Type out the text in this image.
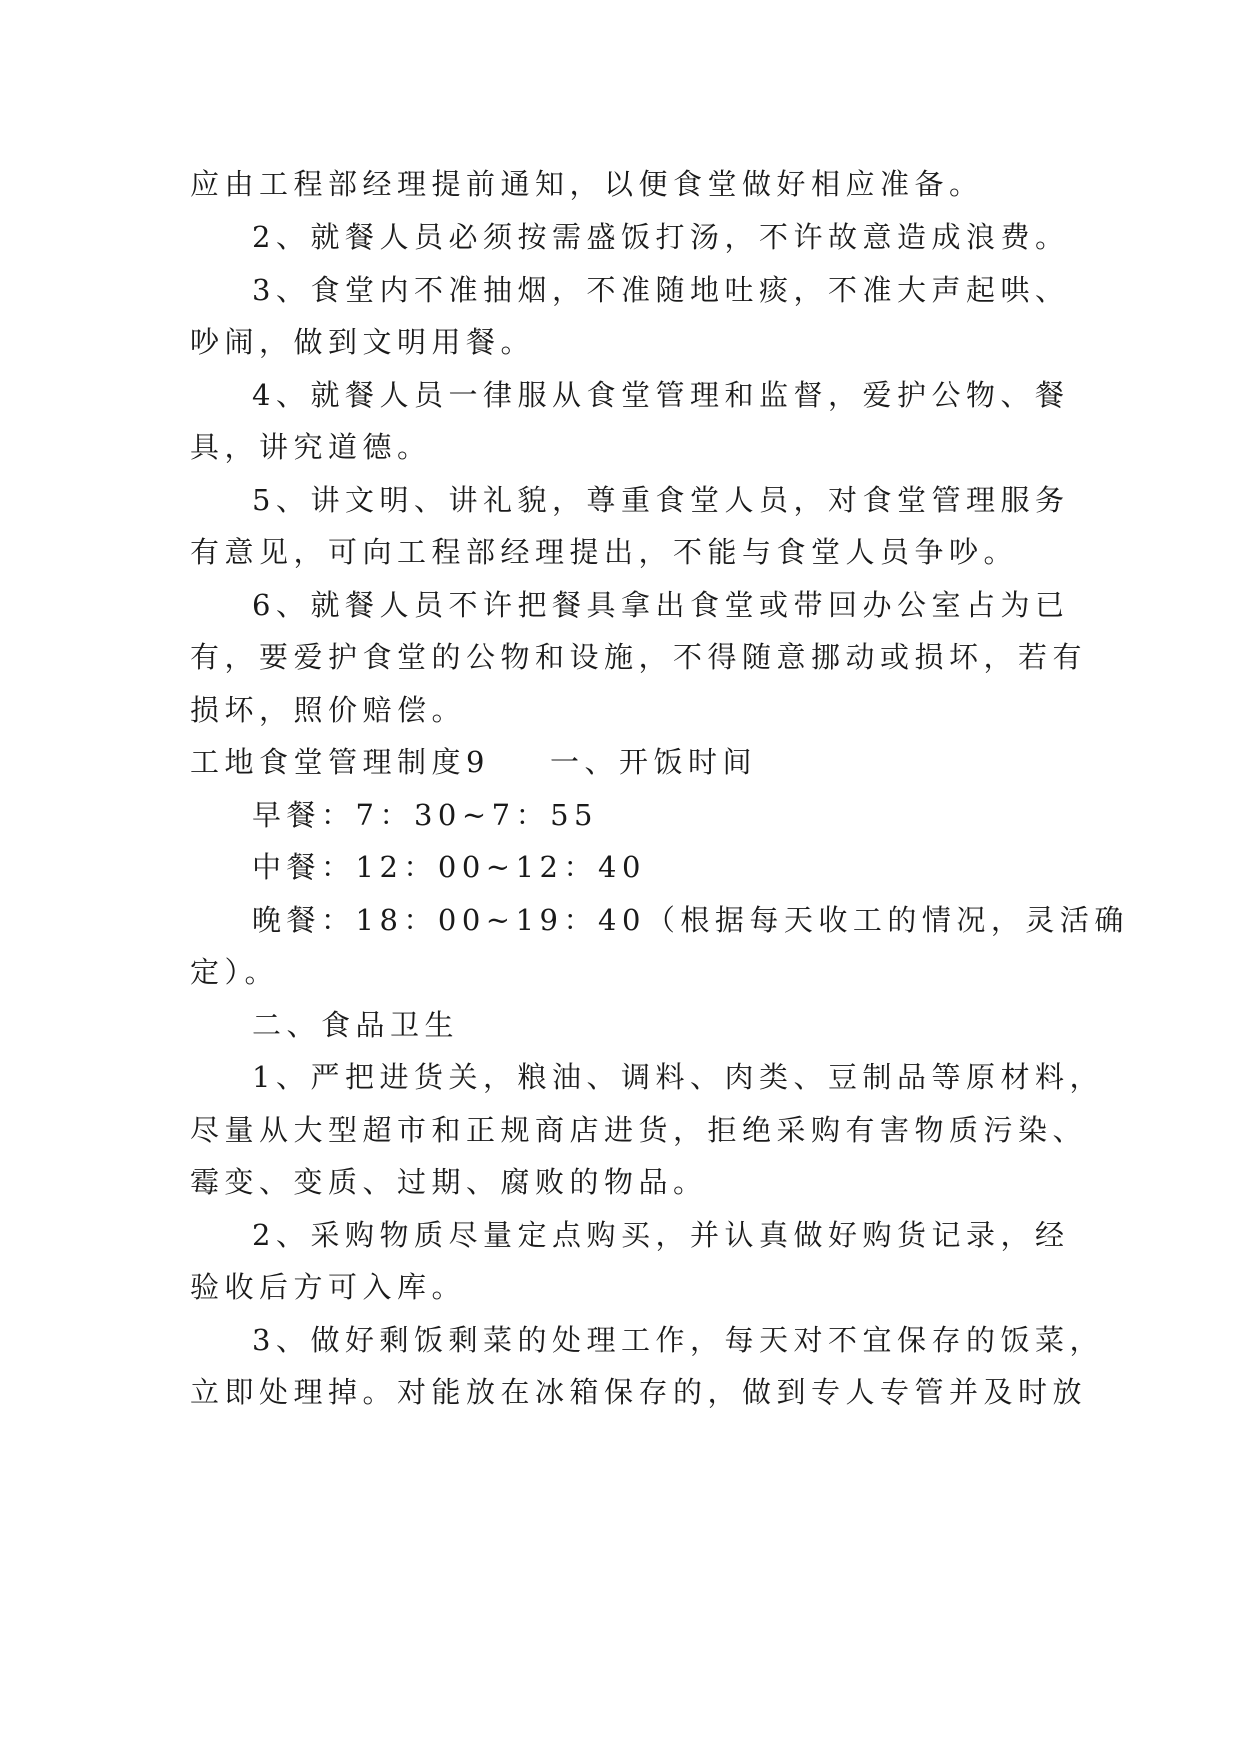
应由工程部经理提前通知，以便食堂做好相应准备。
2、就餐人员必须按需盛饭打汤，不许故意造成浪费。
3、食堂内不准抽烟，不准随地吐痰，不准大声起哄、
吵闹，做到文明用餐。
4、就餐人员一律服从食堂管理和监督，爱护公物、餐
具，讲究道德。
5、讲文明、讲礼貌，尊重食堂人员，对食堂管理服务
有意见，可向工程部经理提出，不能与食堂人员争吵。
6、就餐人员不许把餐具拿出食堂或带回办公室占为已
有，要爱护食堂的公物和设施，不得随意挪动或损坏，若有
损坏，照价赔偿。
工地食堂管理制度9 一、开饭时间
早餐：7：30~7：55
中餐：12：00~12：40
晚餐：18：00~19：40（根据每天收工的情况，灵活确
定）。
二、食品卫生
1、严把进货关，粮油、调料、肉类、豆制品等原材料，
尽量从大型超市和正规商店进货，拒绝采购有害物质污染、
霉变、变质、过期、腐败的物品。
2、采购物质尽量定点购买，并认真做好购货记录，经
验收后方可入库。
3、做好剩饭剩菜的处理工作，每天对不宜保存的饭菜，
立即处理掉。对能放在冰箱保存的，做到专人专管并及时放
